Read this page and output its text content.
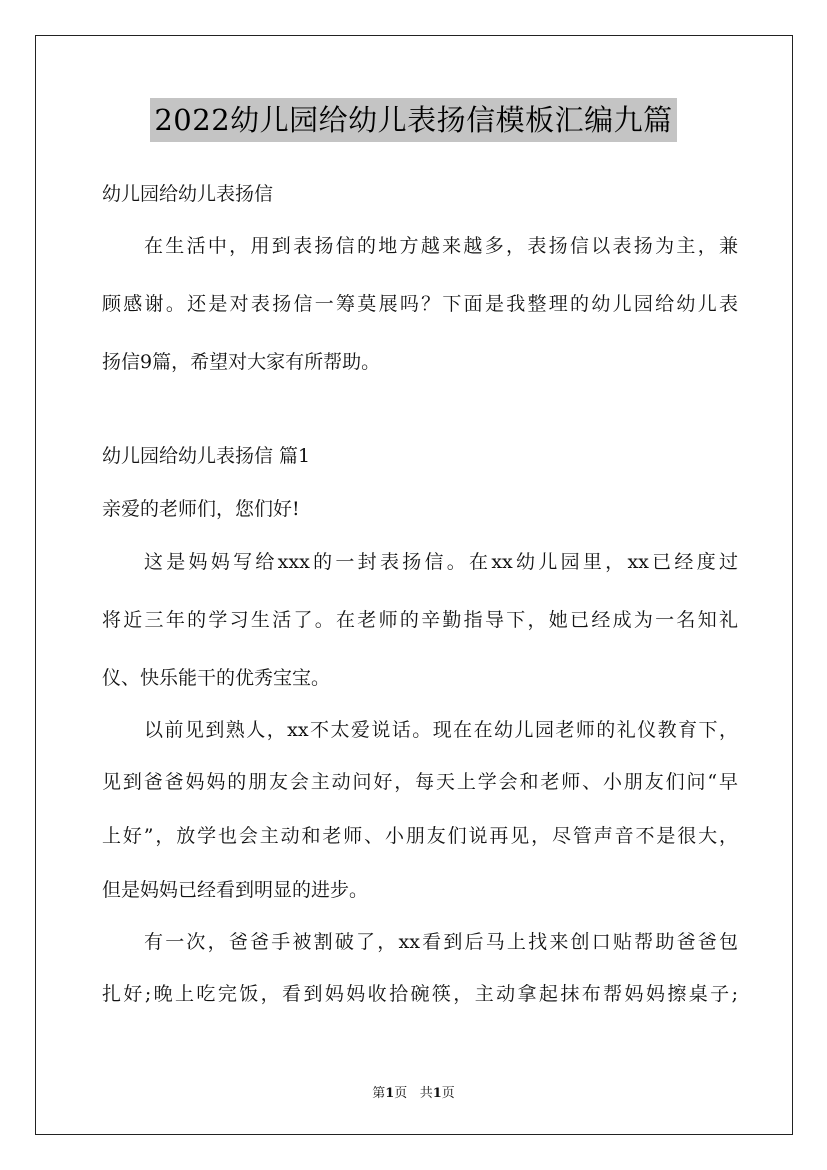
2022幼儿园给幼儿表扬信模板汇编九篇
幼儿园给幼儿表扬信
在生活中，用到表扬信的地方越来越多，表扬信以表扬为主，兼
顾感谢。还是对表扬信一筹莫展吗？下面是我整理的幼儿园给幼儿表
扬信9篇，希望对大家有所帮助。
幼儿园给幼儿表扬信 篇1
亲爱的老师们，您们好!
这是妈妈写给xxx的一封表扬信。在xx幼儿园里，xx已经度过
将近三年的学习生活了。在老师的辛勤指导下，她已经成为一名知礼
仪、快乐能干的优秀宝宝。
以前见到熟人，xx不太爱说话。现在在幼儿园老师的礼仪教育下，
见到爸爸妈妈的朋友会主动问好，每天上学会和老师、小朋友们问“早
上好”，放学也会主动和老师、小朋友们说再见，尽管声音不是很大，
但是妈妈已经看到明显的进步。
有一次，爸爸手被割破了，xx看到后马上找来创口贴帮助爸爸包
扎好;晚上吃完饭，看到妈妈收拾碗筷，主动拿起抹布帮妈妈擦桌子;
第1页 共1页
